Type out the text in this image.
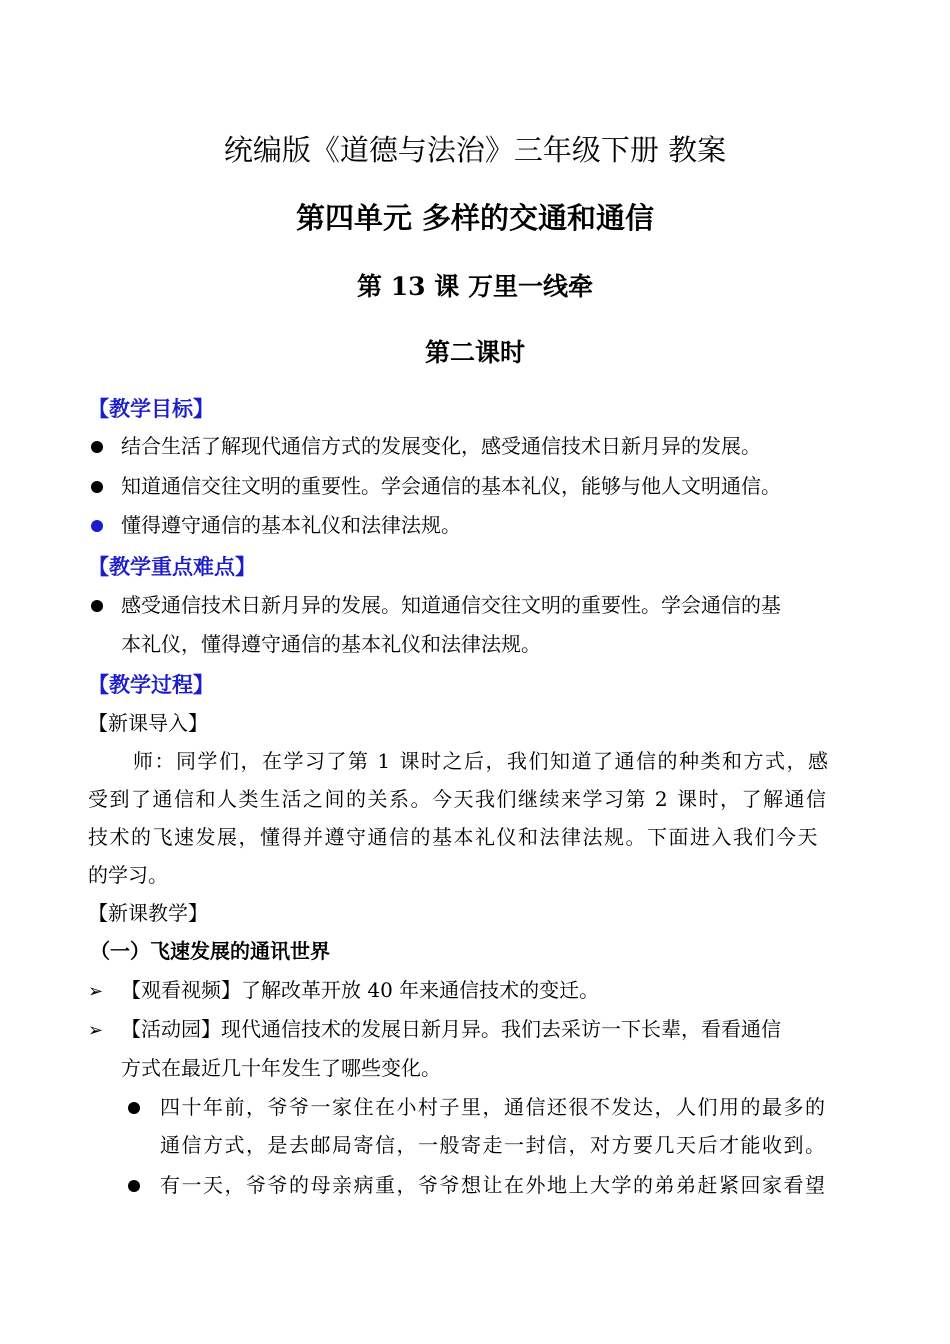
统编版《道德与法治》三年级下册 教案
第四单元 多样的交通和通信
第 13 课 万里一线牵
第二课时
【教学目标】
结合生活了解现代通信方式的发展变化，感受通信技术日新月异的发展。
知道通信交往文明的重要性。学会通信的基本礼仪，能够与他人文明通信。
懂得遵守通信的基本礼仪和法律法规。
【教学重点难点】
感受通信技术日新月异的发展。知道通信交往文明的重要性。学会通信的基
本礼仪，懂得遵守通信的基本礼仪和法律法规。
【教学过程】
【新课导入】
师：同学们，在学习了第 1 课时之后，我们知道了通信的种类和方式，感
受到了通信和人类生活之间的关系。今天我们继续来学习第 2 课时，了解通信
技术的飞速发展，懂得并遵守通信的基本礼仪和法律法规。下面进入我们今天
的学习。
【新课教学】
（一）飞速发展的通讯世界
➢ 【观看视频】了解改革开放 40 年来通信技术的变迁。
➢ 【活动园】现代通信技术的发展日新月异。我们去采访一下长辈，看看通信
方式在最近几十年发生了哪些变化。
四十年前，爷爷一家住在小村子里，通信还很不发达，人们用的最多的
通信方式，是去邮局寄信，一般寄走一封信，对方要几天后才能收到。
有一天，爷爷的母亲病重，爷爷想让在外地上大学的弟弟赶紧回家看望
